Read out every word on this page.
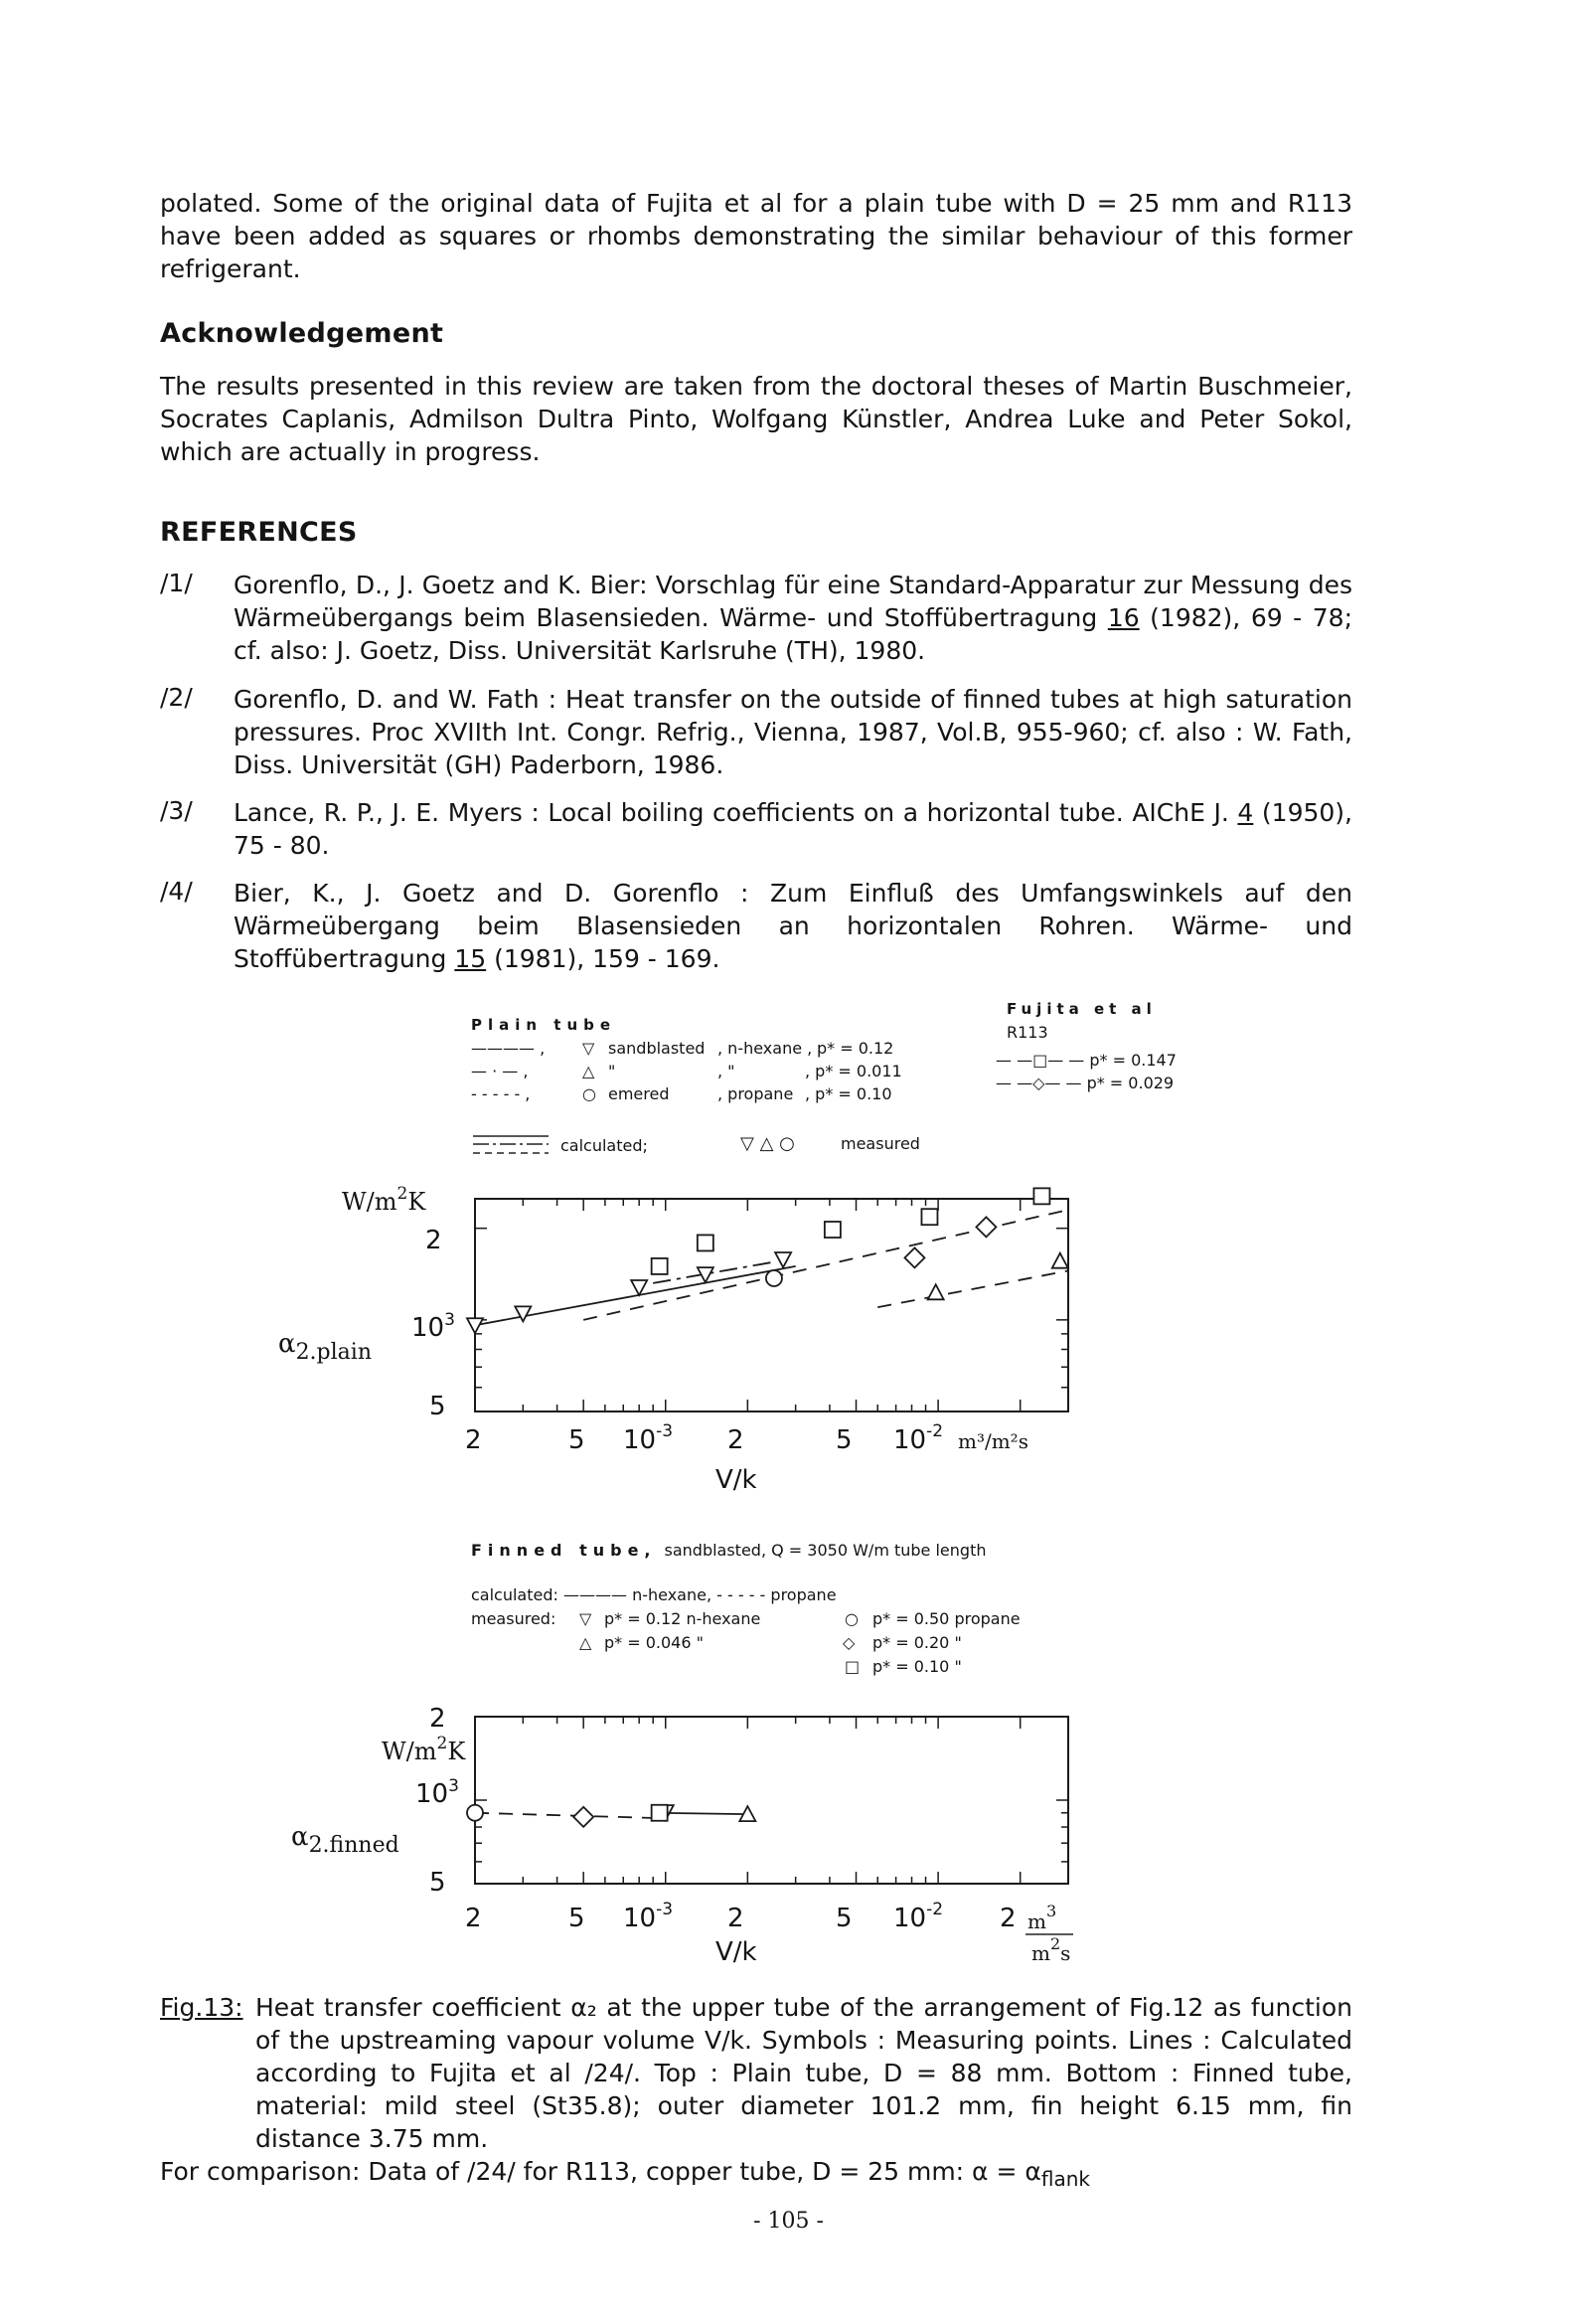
polated. Some of the original data of Fujita et al for a plain tube with D = 25 mm and R113 have been added as squares or rhombs demonstrating the similar behaviour of this former refrigerant.
Acknowledgement
The results presented in this review are taken from the doctoral theses of Martin Buschmeier, Socrates Caplanis, Admilson Dultra Pinto, Wolfgang Künstler, Andrea Luke and Peter Sokol, which are actually in progress.
REFERENCES
/1/ Gorenflo, D., J. Goetz and K. Bier: Vorschlag für eine Standard-Apparatur zur Messung des Wärmeübergangs beim Blasensieden. Wärme- und Stoffübertragung 16 (1982), 69 - 78; cf. also: J. Goetz, Diss. Universität Karlsruhe (TH), 1980.
/2/ Gorenflo, D. and W. Fath : Heat transfer on the outside of finned tubes at high saturation pressures. Proc XVIIth Int. Congr. Refrig., Vienna, 1987, Vol.B, 955-960; cf. also : W. Fath, Diss. Universität (GH) Paderborn, 1986.
/3/ Lance, R. P., J. E. Myers : Local boiling coefficients on a horizontal tube. AIChE J. 4 (1950), 75 - 80.
/4/ Bier, K., J. Goetz and D. Gorenflo : Zum Einfluß des Umfangswinkels auf den Wärmeübergang beim Blasensieden an horizontalen Rohren. Wärme- und Stoffübertragung 15 (1981), 159 - 169.
Plain tube
———— , ▽ sandblasted , n-hexane , p* = 0.12
— · — ,	△ "	, "	, p* = 0.011
- - - - - ,	○ emered	, propane , p* = 0.10
Fujita et al
R113
— —□— — p* = 0.147
— —◇— — p* = 0.029
calculated;	▽ △ ○	measured
$W/m^2K$
$\alpha_{2.plain}$
2
$10^3$
5
2	5 $10^{-3}$ 2	5 $10^{-2}$ m³/m²s
V/k
Finned tube, sandblasted, Q = 3050 W/m tube length
calculated: ———— n-hexane, - - - - - propane
measured: ▽ p* = 0.12 n-hexane	○ p* = 0.50 propane
△ p* = 0.046 "	◇ p* = 0.20 "
□ p* = 0.10 "
2
$W/m^2K$
$10^3$
$\alpha_{2.finned}$
5
2	5 $10^{-3}$ 2	5 $10^{-2}$ 2 $m^3$
$m^2s$
V/k
Fig.13: Heat transfer coefficient α₂ at the upper tube of the arrangement of Fig.12 as function of the upstreaming vapour volume V/k. Symbols : Measuring points. Lines : Calculated according to Fujita et al /24/. Top : Plain tube, D = 88 mm. Bottom : Finned tube, material: mild steel (St35.8); outer diameter 101.2 mm, fin height 6.15 mm, fin distance 3.75 mm.
For comparison: Data of /24/ for R113, copper tube, D = 25 mm: $\alpha = \alpha_{flank}$
- 105 -
